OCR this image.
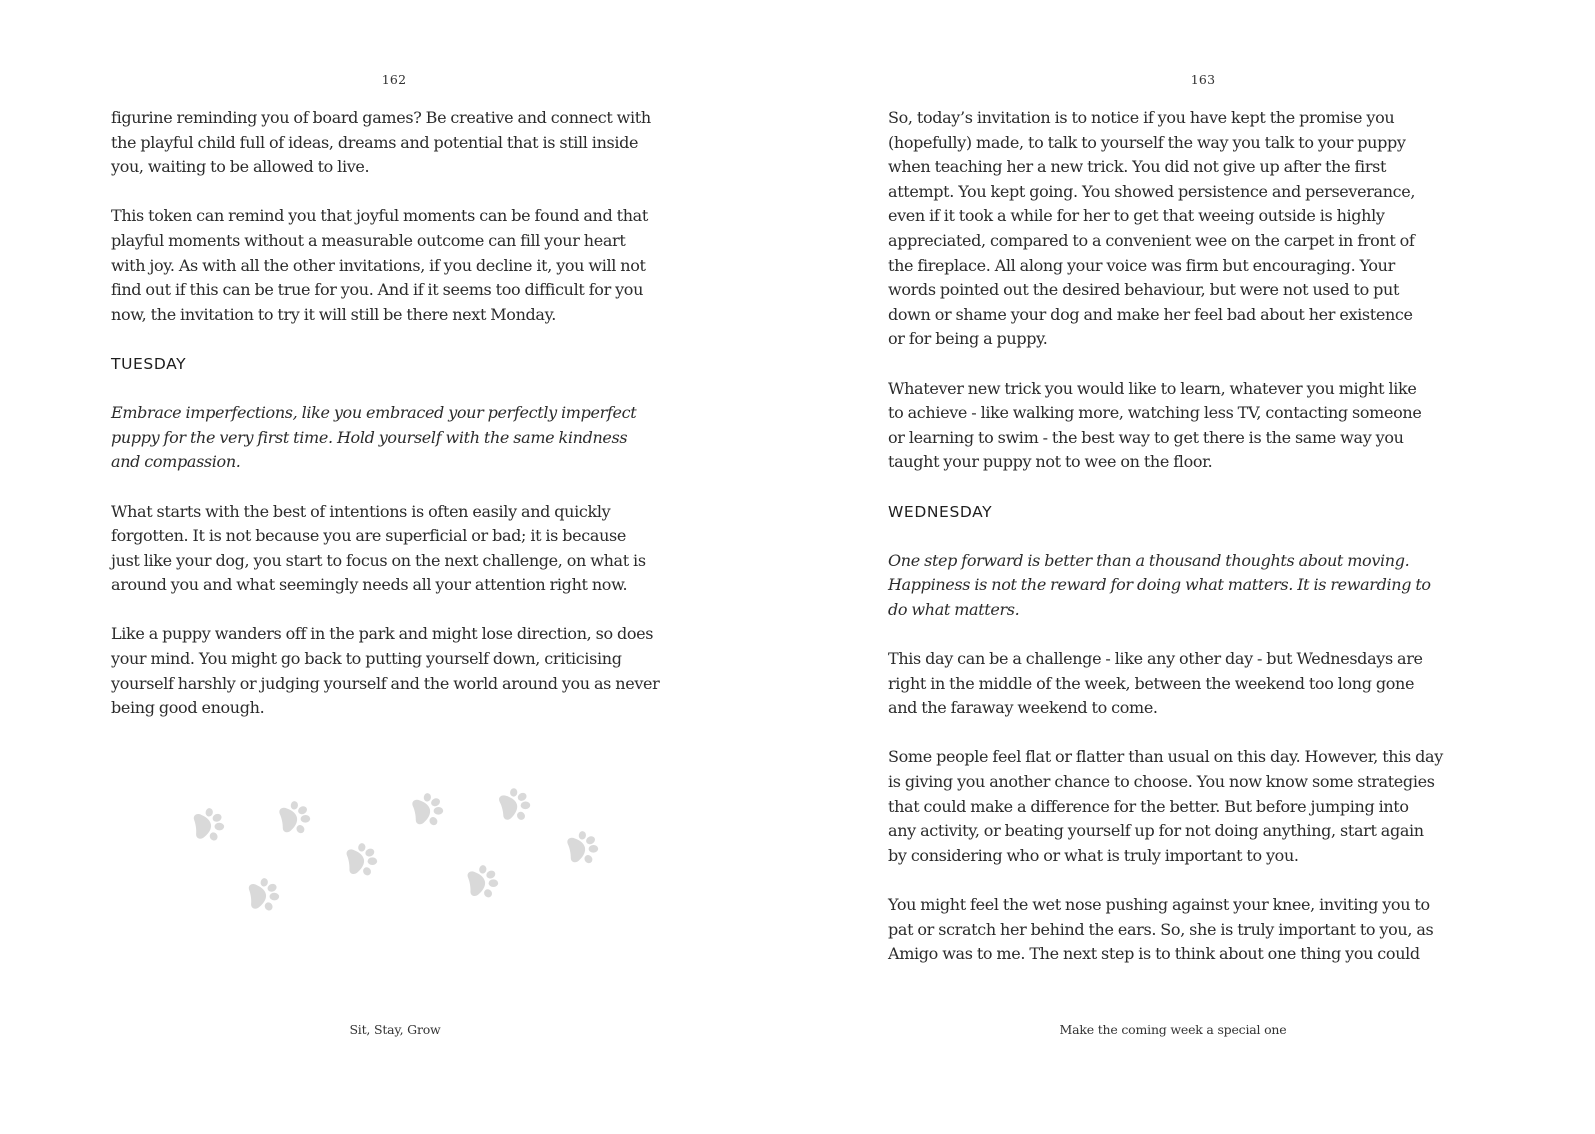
162
figurine reminding you of board games? Be creative and connect with
the playful child full of ideas, dreams and potential that is still inside
you, waiting to be allowed to live.
This token can remind you that joyful moments can be found and that
playful moments without a measurable outcome can fill your heart
with joy. As with all the other invitations, if you decline it, you will not
find out if this can be true for you. And if it seems too difficult for you
now, the invitation to try it will still be there next Monday.
TUESDAY
Embrace imperfections, like you embraced your perfectly imperfect
puppy for the very first time. Hold yourself with the same kindness
and compassion.
What starts with the best of intentions is often easily and quickly
forgotten. It is not because you are superficial or bad; it is because
just like your dog, you start to focus on the next challenge, on what is
around you and what seemingly needs all your attention right now.
Like a puppy wanders off in the park and might lose direction, so does
your mind. You might go back to putting yourself down, criticising
yourself harshly or judging yourself and the world around you as never
being good enough.
Sit, Stay, Grow
163
So, today’s invitation is to notice if you have kept the promise you
(hopefully) made, to talk to yourself the way you talk to your puppy
when teaching her a new trick. You did not give up after the first
attempt. You kept going. You showed persistence and perseverance,
even if it took a while for her to get that weeing outside is highly
appreciated, compared to a convenient wee on the carpet in front of
the fireplace. All along your voice was firm but encouraging. Your
words pointed out the desired behaviour, but were not used to put
down or shame your dog and make her feel bad about her existence
or for being a puppy.
Whatever new trick you would like to learn, whatever you might like
to achieve - like walking more, watching less TV, contacting someone
or learning to swim - the best way to get there is the same way you
taught your puppy not to wee on the floor.
WEDNESDAY
One step forward is better than a thousand thoughts about moving.
Happiness is not the reward for doing what matters. It is rewarding to
do what matters.
This day can be a challenge - like any other day - but Wednesdays are
right in the middle of the week, between the weekend too long gone
and the faraway weekend to come.
Some people feel flat or flatter than usual on this day. However, this day
is giving you another chance to choose. You now know some strategies
that could make a difference for the better. But before jumping into
any activity, or beating yourself up for not doing anything, start again
by considering who or what is truly important to you.
You might feel the wet nose pushing against your knee, inviting you to
pat or scratch her behind the ears. So, she is truly important to you, as
Amigo was to me. The next step is to think about one thing you could
Make the coming week a special one
